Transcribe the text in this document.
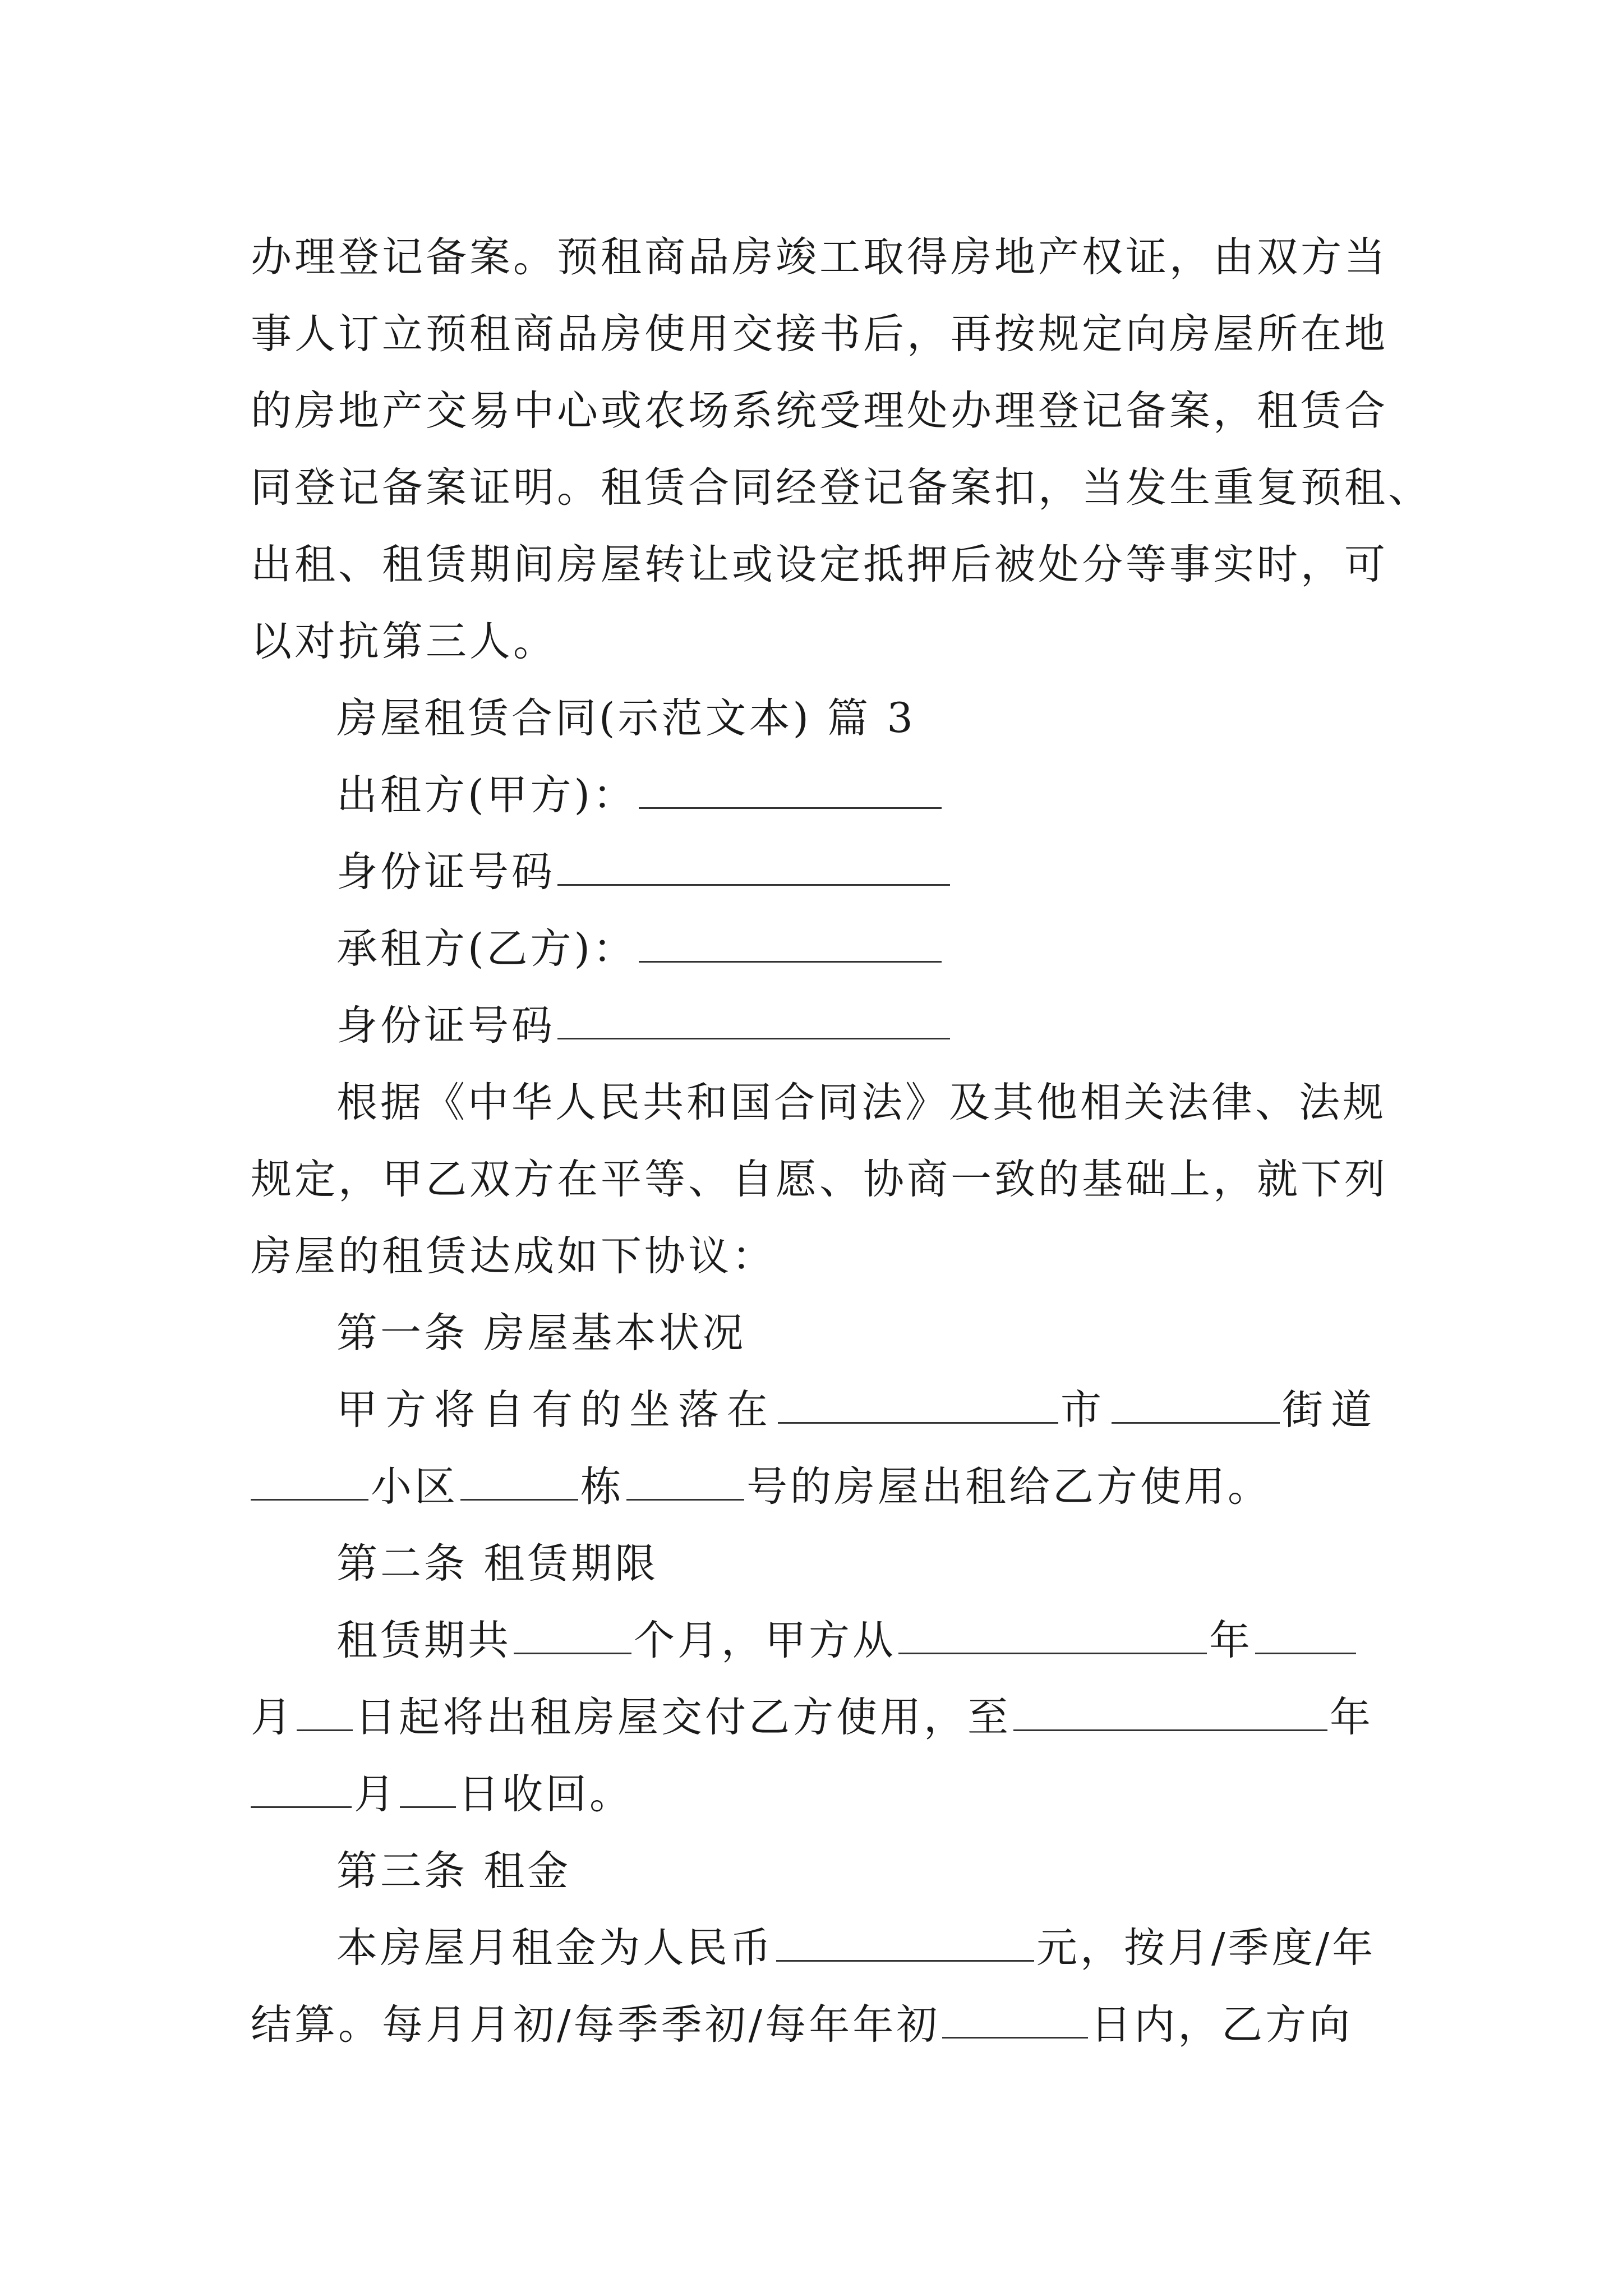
办理登记备案。预租商品房竣工取得房地产权证，由双方当
事人订立预租商品房使用交接书后，再按规定向房屋所在地
的房地产交易中心或农场系统受理处办理登记备案，租赁合
同登记备案证明。租赁合同经登记备案扣，当发生重复预租、
出租、租赁期间房屋转让或设定抵押后被处分等事实时，可
以对抗第三人。
房屋租赁合同(示范文本) 篇 3
出租方(甲方)：
身份证号码
承租方(乙方)：
身份证号码
根据《中华人民共和国合同法》及其他相关法律、法规
规定，甲乙双方在平等、自愿、协商一致的基础上，就下列
房屋的租赁达成如下协议：
第一条 房屋基本状况
甲方将自有的坐落在	市	街道
小区	栋	号的房屋出租给乙方使用。
第二条 租赁期限
租赁期共	个月，甲方从	年
月 日起将出租房屋交付乙方使用，至	年
月 日收回。
第三条 租金
本房屋月租金为人民币	元，按月/季度/年
结算。每月月初/每季季初/每年年初	日内，乙方向
